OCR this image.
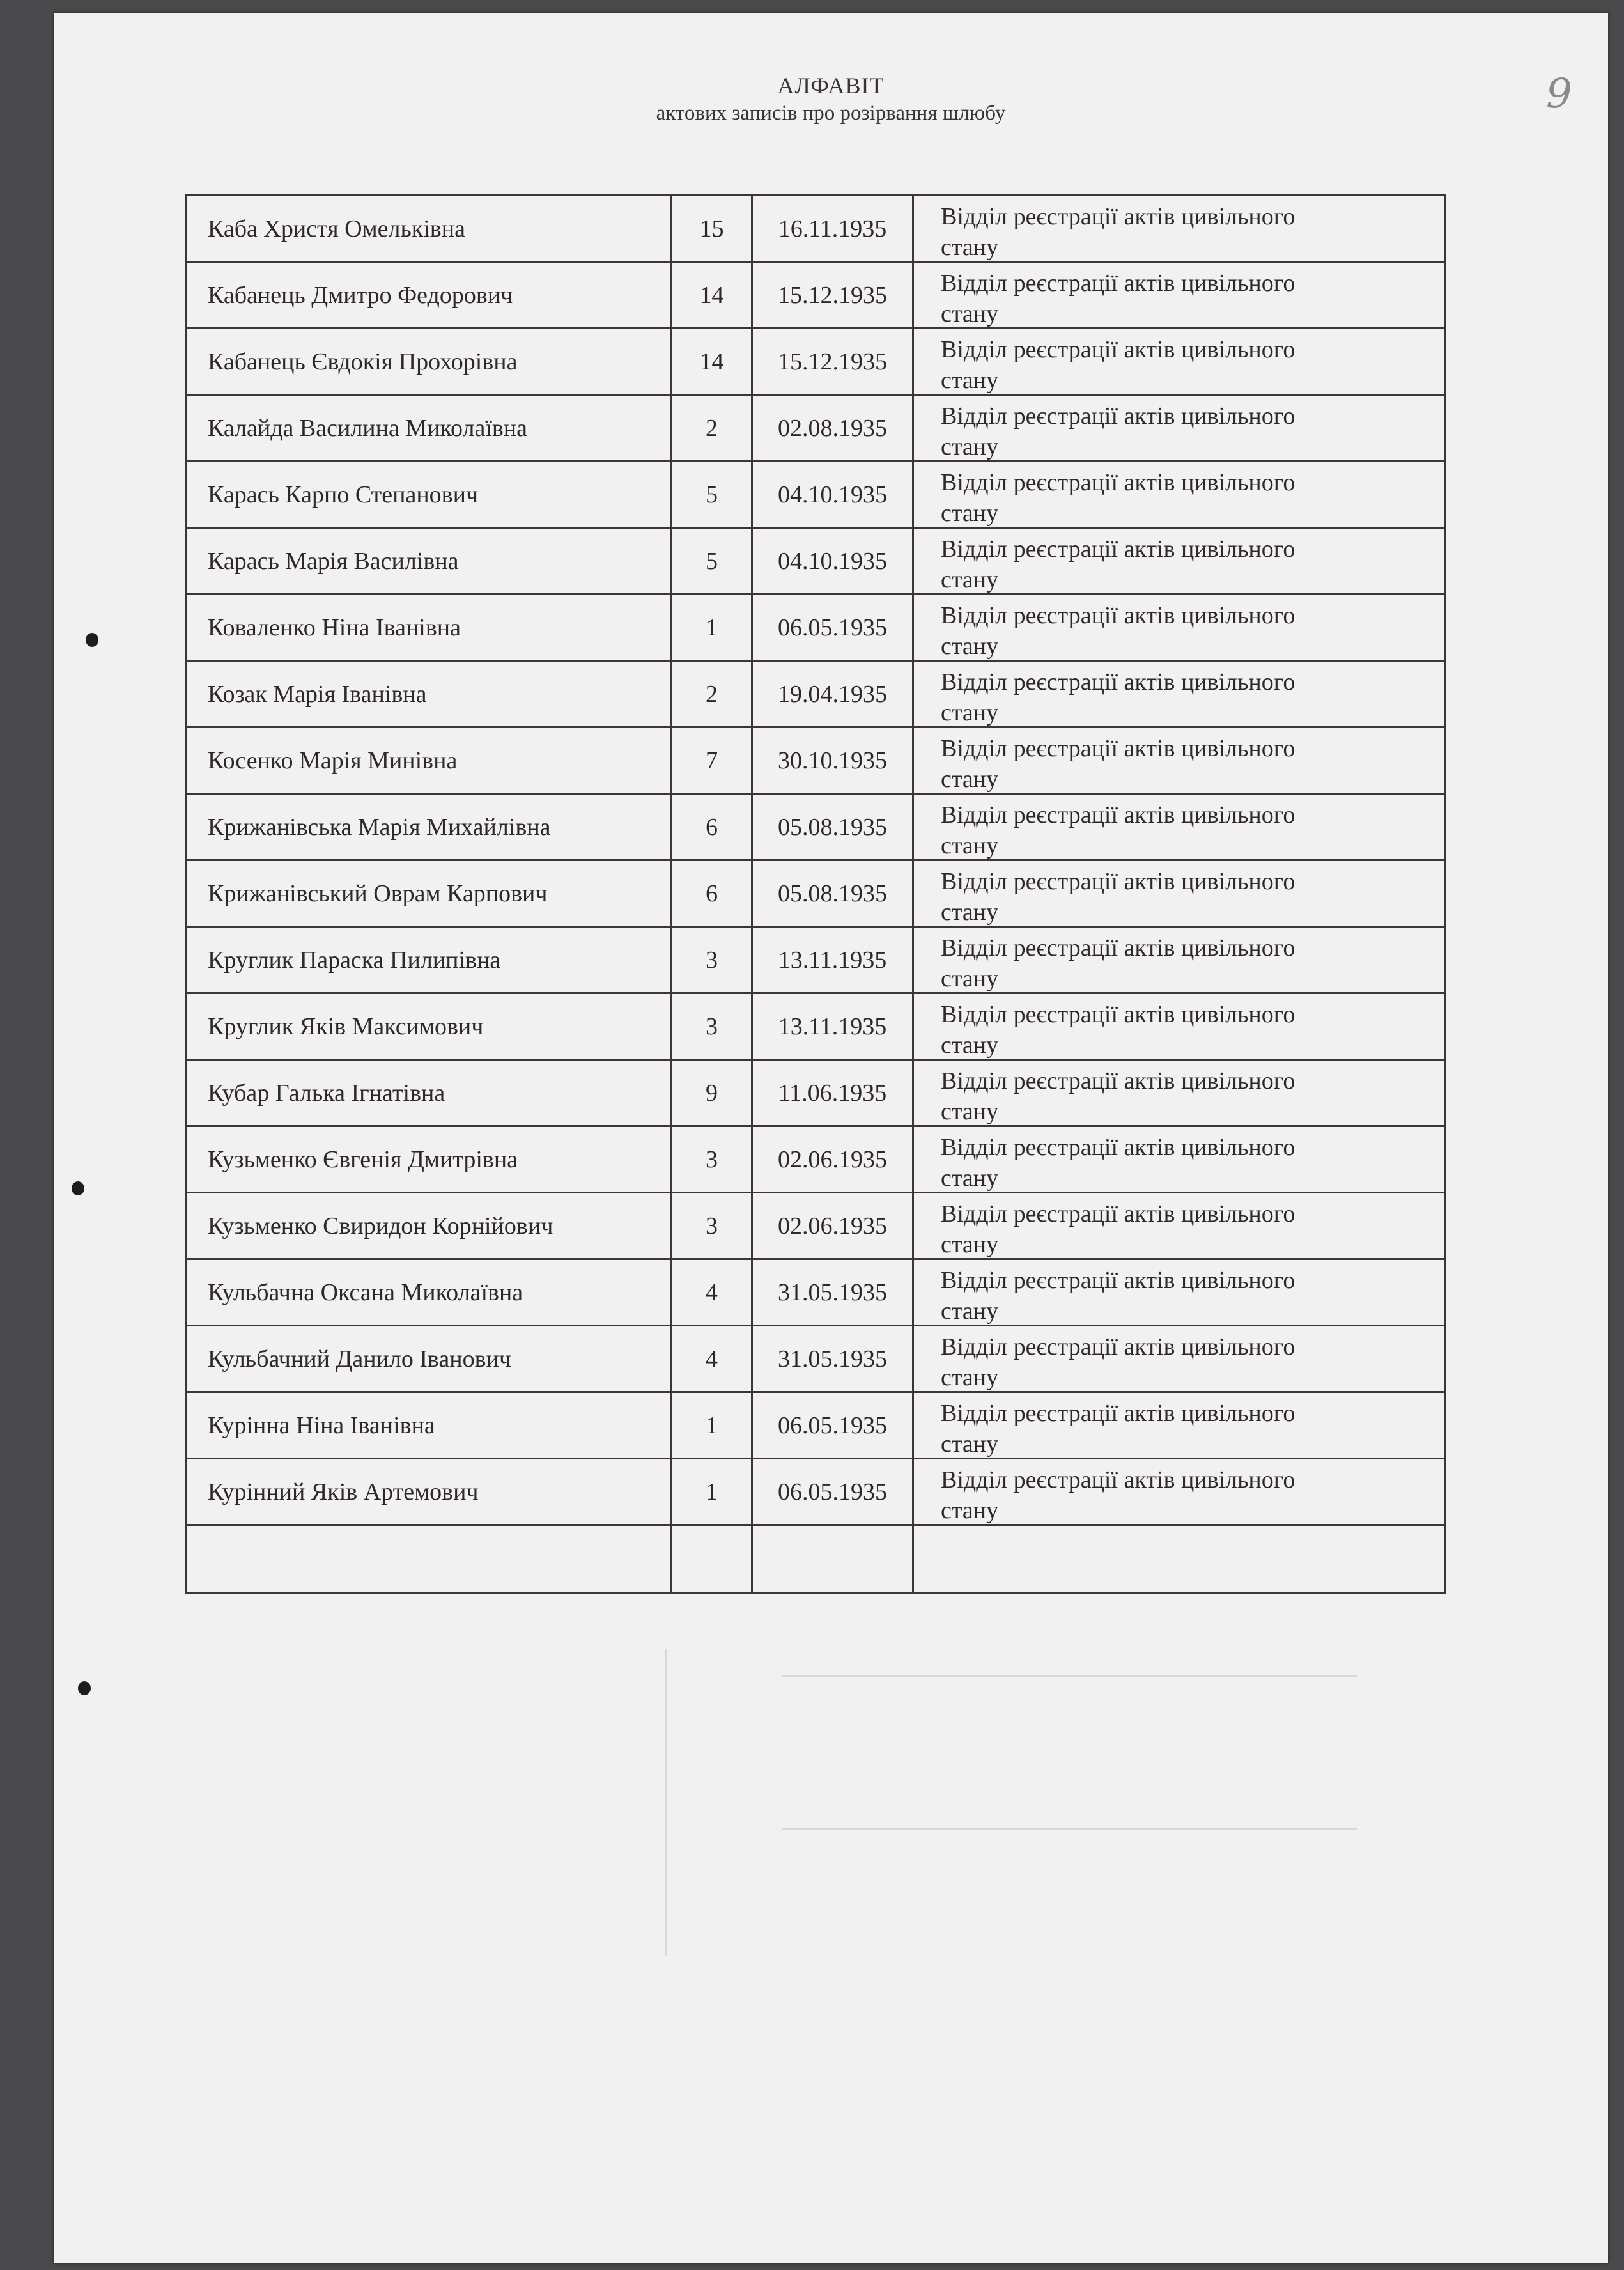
АЛФАВІТ
актових записів про розірвання шлюбу	9
Каба Христя Омельківна	15	16.11.1935	Відділ реєстрації актів цивільного
стану
Кабанець Дмитро Федорович	14	15.12.1935	Відділ реєстрації актів цивільного
стану
Кабанець Євдокія Прохорівна	14	15.12.1935	Відділ реєстрації актів цивільного
стану
Калайда Василина Миколаївна	2	02.08.1935	Відділ реєстрації актів цивільного
стану
Карась Карпо Степанович	5	04.10.1935	Відділ реєстрації актів цивільного
стану
Карась Марія Василівна	5	04.10.1935	Відділ реєстрації актів цивільного
стану
Коваленко Ніна Іванівна	1	06.05.1935	Відділ реєстрації актів цивільного
стану
Козак Марія Іванівна	2	19.04.1935	Відділ реєстрації актів цивільного
стану
Косенко Марія Минівна	7	30.10.1935	Відділ реєстрації актів цивільного
стану
Крижанівська Марія Михайлівна	6	05.08.1935	Відділ реєстрації актів цивільного
стану
Крижанівський Оврам Карпович	6	05.08.1935	Відділ реєстрації актів цивільного
стану
Круглик Параска Пилипівна	3	13.11.1935	Відділ реєстрації актів цивільного
стану
Круглик Яків Максимович	3	13.11.1935	Відділ реєстрації актів цивільного
стану
Кубар Галька Ігнатівна	9	11.06.1935	Відділ реєстрації актів цивільного
стану
Кузьменко Євгенія Дмитрівна	3	02.06.1935	Відділ реєстрації актів цивільного
стану
Кузьменко Свиридон Корнійович	3	02.06.1935	Відділ реєстрації актів цивільного
стану
Кульбачна Оксана Миколаївна	4	31.05.1935	Відділ реєстрації актів цивільного
стану
Кульбачний Данило Іванович	4	31.05.1935	Відділ реєстрації актів цивільного
стану
Курінна Ніна Іванівна	1	06.05.1935	Відділ реєстрації актів цивільного
стану
Курінний Яків Артемович	1	06.05.1935	Відділ реєстрації актів цивільного
стану
